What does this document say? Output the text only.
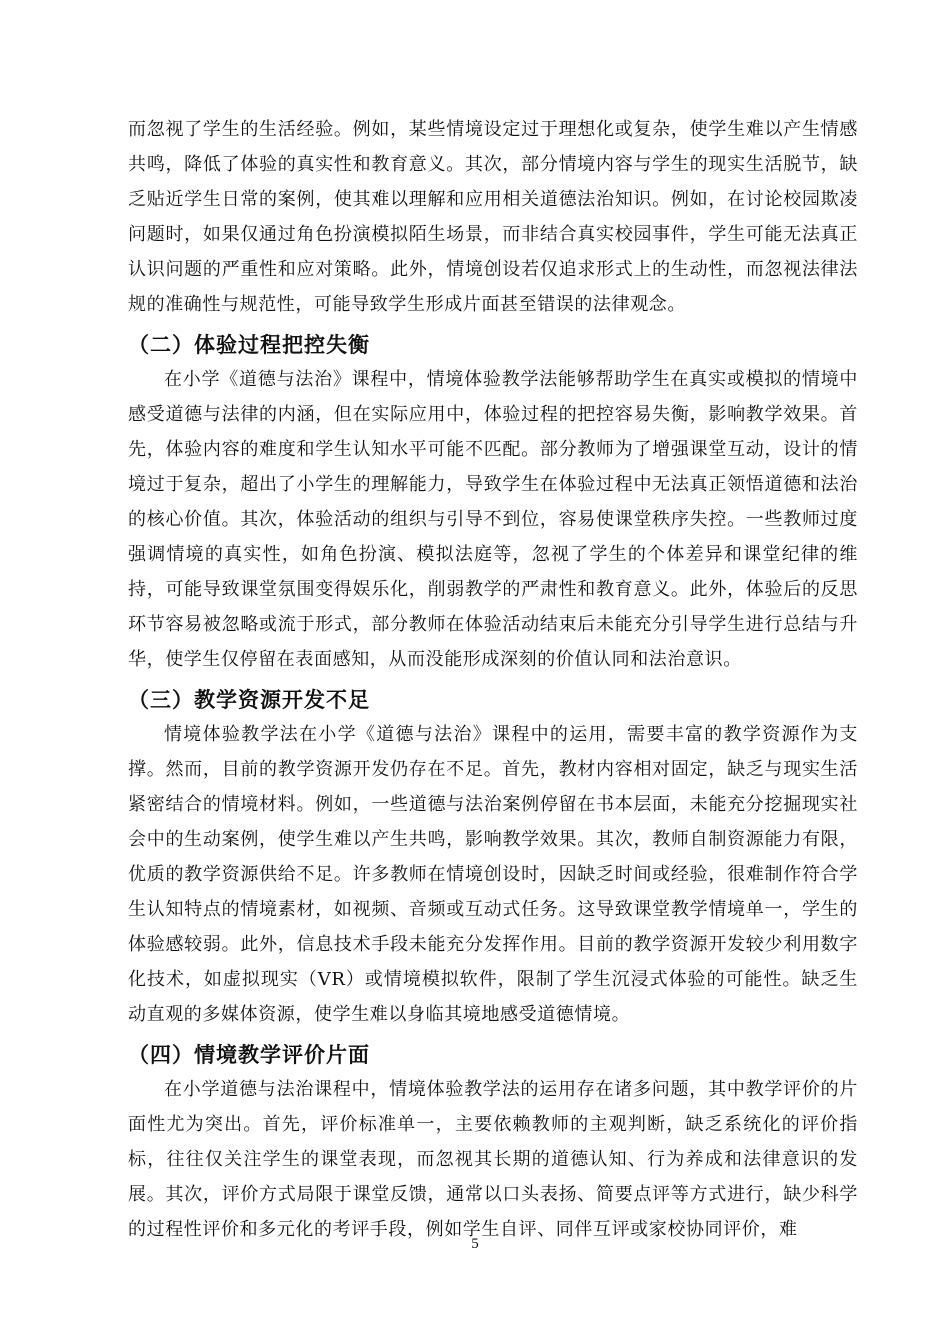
而忽视了学生的生活经验。例如，某些情境设定过于理想化或复杂，使学生难以产生情感共鸣，降低了体验的真实性和教育意义。其次，部分情境内容与学生的现实生活脱节，缺乏贴近学生日常的案例，使其难以理解和应用相关道德法治知识。例如，在讨论校园欺凌问题时，如果仅通过角色扮演模拟陌生场景，而非结合真实校园事件，学生可能无法真正认识问题的严重性和应对策略。此外，情境创设若仅追求形式上的生动性，而忽视法律法规的准确性与规范性，可能导致学生形成片面甚至错误的法律观念。

（二）体验过程把控失衡

在小学《道德与法治》课程中，情境体验教学法能够帮助学生在真实或模拟的情境中感受道德与法律的内涵，但在实际应用中，体验过程的把控容易失衡，影响教学效果。首先，体验内容的难度和学生认知水平可能不匹配。部分教师为了增强课堂互动，设计的情境过于复杂，超出了小学生的理解能力，导致学生在体验过程中无法真正领悟道德和法治的核心价值。其次，体验活动的组织与引导不到位，容易使课堂秩序失控。一些教师过度强调情境的真实性，如角色扮演、模拟法庭等，忽视了学生的个体差异和课堂纪律的维持，可能导致课堂氛围变得娱乐化，削弱教学的严肃性和教育意义。此外，体验后的反思环节容易被忽略或流于形式，部分教师在体验活动结束后未能充分引导学生进行总结与升华，使学生仅停留在表面感知，从而没能形成深刻的价值认同和法治意识。

（三）教学资源开发不足

情境体验教学法在小学《道德与法治》课程中的运用，需要丰富的教学资源作为支撑。然而，目前的教学资源开发仍存在不足。首先，教材内容相对固定，缺乏与现实生活紧密结合的情境材料。例如，一些道德与法治案例停留在书本层面，未能充分挖掘现实社会中的生动案例，使学生难以产生共鸣，影响教学效果。其次，教师自制资源能力有限，优质的教学资源供给不足。许多教师在情境创设时，因缺乏时间或经验，很难制作符合学生认知特点的情境素材，如视频、音频或互动式任务。这导致课堂教学情境单一，学生的体验感较弱。此外，信息技术手段未能充分发挥作用。目前的教学资源开发较少利用数字化技术，如虚拟现实（VR）或情境模拟软件，限制了学生沉浸式体验的可能性。缺乏生动直观的多媒体资源，使学生难以身临其境地感受道德情境。

（四）情境教学评价片面

在小学道德与法治课程中，情境体验教学法的运用存在诸多问题，其中教学评价的片面性尤为突出。首先，评价标准单一，主要依赖教师的主观判断，缺乏系统化的评价指标，往往仅关注学生的课堂表现，而忽视其长期的道德认知、行为养成和法律意识的发展。其次，评价方式局限于课堂反馈，通常以口头表扬、简要点评等方式进行，缺少科学的过程性评价和多元化的考评手段，例如学生自评、同伴互评或家校协同评价，难

5
